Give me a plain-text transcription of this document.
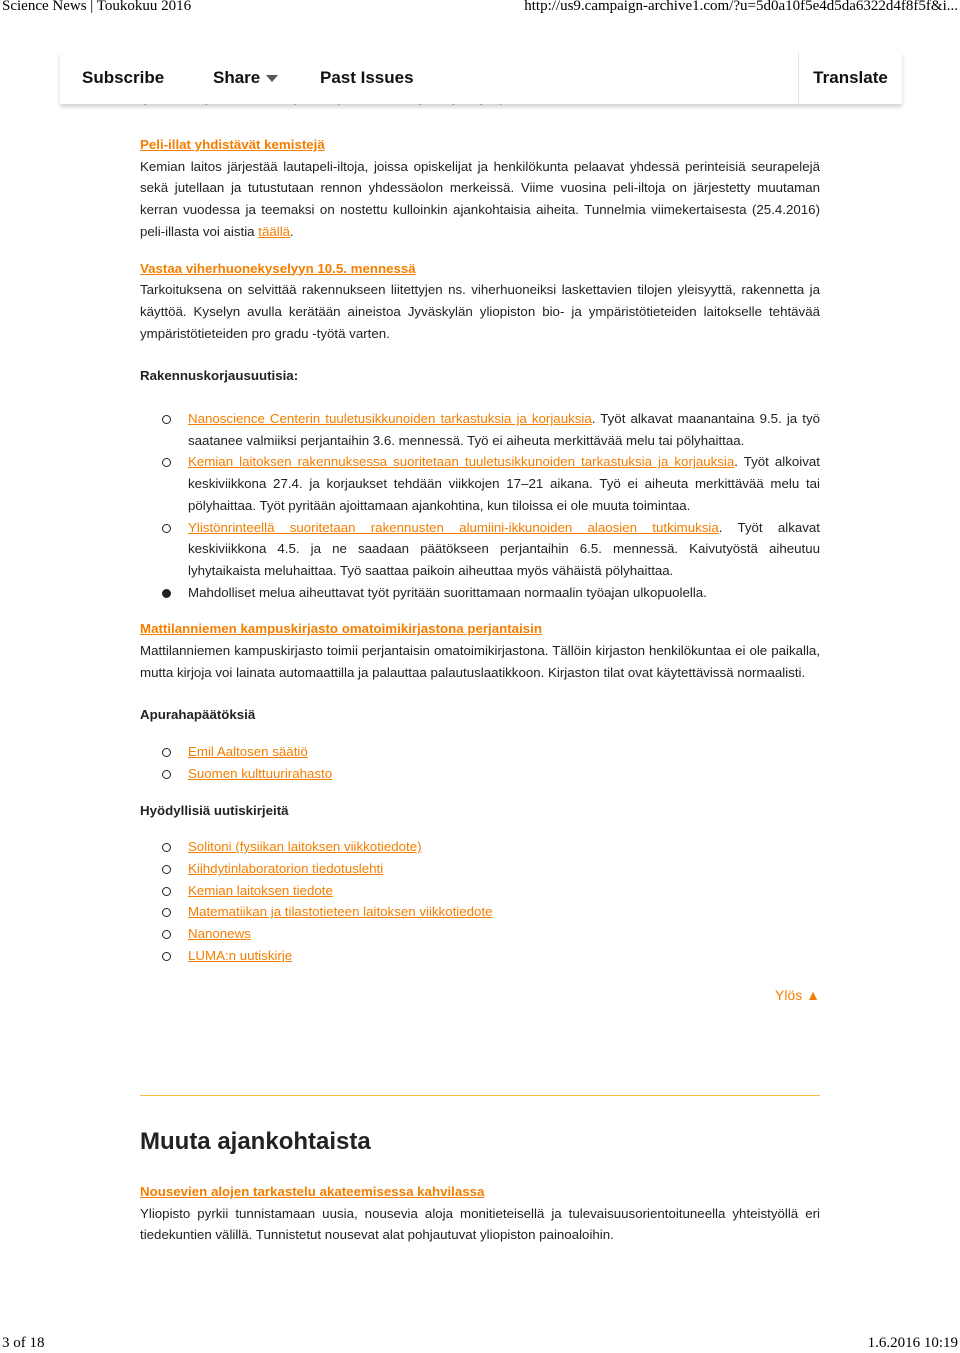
Science News | Toukokuu 2016	http://us9.campaign-archive1.com/?u=5d0a10f5e4d5da6322d4f8f5f&i...
Subscribe	Share	Past Issues	Translate
Peli-illat yhdistävät kemistejä

Kemian laitos järjestää lautapeli-iltoja, joissa opiskelijat ja henkilökunta pelaavat yhdessä perinteisiä seurapelejä sekä jutellaan ja tutustutaan rennon yhdessäolon merkeissä. Viime vuosina peli-iltoja on järjestetty muutaman kerran vuodessa ja teemaksi on nostettu kulloinkin ajankohtaisia aiheita. Tunnelmia viimekertaisesta (25.4.2016) peli-illasta voi aistia täällä.

Vastaa viherhuonekyselyyn 10.5. mennessä

Tarkoituksena on selvittää rakennukseen liitettyjen ns. viherhuoneiksi laskettavien tilojen yleisyyttä, rakennetta ja käyttöä. Kyselyn avulla kerätään aineistoa Jyväskylän yliopiston bio- ja ympäristötieteiden laitokselle tehtävää ympäristötieteiden pro gradu -työtä varten.

Rakennuskorjausuutisia:
Nanoscience Centerin tuuletusikkunoiden tarkastuksia ja korjauksia. Työt alkavat maanantaina 9.5. ja työ saatanee valmiiksi perjantaihin 3.6. mennessä. Työ ei aiheuta merkittävää melu tai pölyhaittaa.
Kemian laitoksen rakennuksessa suoritetaan tuuletusikkunoiden tarkastuksia ja korjauksia. Työt alkoivat keskiviikkona 27.4. ja korjaukset tehdään viikkojen 17–21 aikana. Työ ei aiheuta merkittävää melu tai pölyhaittaa. Työt pyritään ajoittamaan ajankohtina, kun tiloissa ei ole muuta toimintaa.
Ylistönrinteellä suoritetaan rakennusten alumiini-ikkunoiden alaosien tutkimuksia. Työt alkavat keskiviikkona 4.5. ja ne saadaan päätökseen perjantaihin 6.5. mennessä. Kaivutyöstä aiheutuu lyhytaikaista meluhaittaa. Työ saattaa paikoin aiheuttaa myös vähäistä pölyhaittaa.
Mahdolliset melua aiheuttavat työt pyritään suorittamaan normaalin työajan ulkopuolella.
Mattilanniemen kampuskirjasto omatoimikirjastona perjantaisin

Mattilanniemen kampuskirjasto toimii perjantaisin omatoimikirjastona. Tällöin kirjaston henkilökuntaa ei ole paikalla, mutta kirjoja voi lainata automaattilla ja palauttaa palautuslaatikkoon. Kirjaston tilat ovat käytettävissä normaalisti.

Apurahapäätöksiä
Emil Aaltosen säätiö
Suomen kulttuurirahasto
Hyödyllisiä uutiskirjeitä
Solitoni (fysiikan laitoksen viikkotiedote)
Kiihdytinlaboratorion tiedotuslehti
Kemian laitoksen tiedote
Matematiikan ja tilastotieteen laitoksen viikkotiedote
Nanonews
LUMA:n uutiskirje
Ylös ▲
Muuta ajankohtaista
Nousevien alojen tarkastelu akateemisessa kahvilassa

Yliopisto pyrkii tunnistamaan uusia, nousevia aloja monitieteisellä ja tulevaisuusorientoituneella yhteistyöllä eri tiedekuntien välillä. Tunnistetut nousevat alat pohjautuvat yliopiston painoaloihin.

3 of 18	1.6.2016 10:19
